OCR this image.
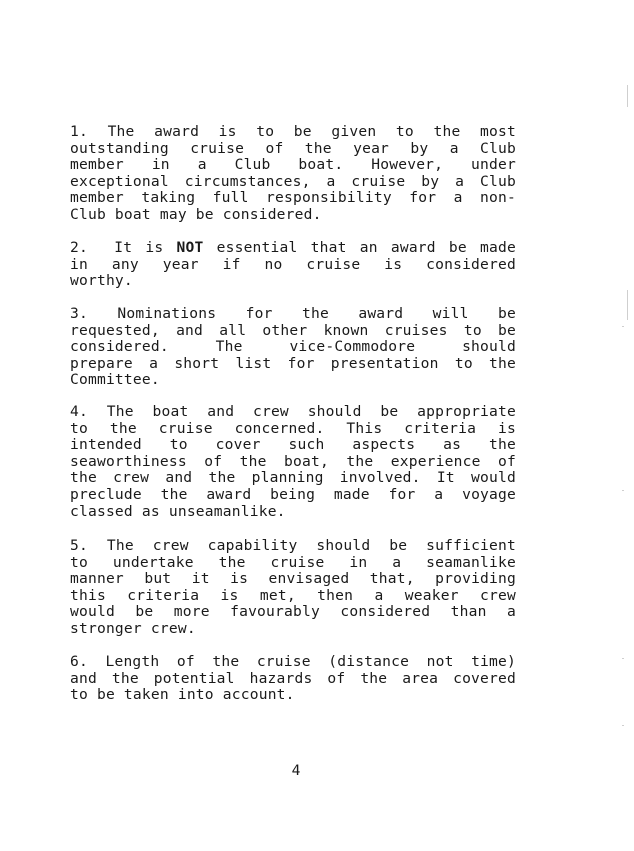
1. The award is to be given to the most
outstanding cruise of the year by a Club
member in a Club boat. However, under
exceptional circumstances, a cruise by a Club
member taking full responsibility for a non-
Club boat may be considered.
2.  It is NOT essential that an award be made
in any year if no cruise is considered
worthy.
3. Nominations for the award will be
requested, and all other known cruises to be
considered. The vice-Commodore should
prepare a short list for presentation to the
Committee.
4. The boat and crew should be appropriate
to the cruise concerned. This criteria is
intended to cover such aspects as the
seaworthiness of the boat, the experience of
the crew and the planning involved. It would
preclude the award being made for a voyage
classed as unseamanlike.
5. The crew capability should be sufficient
to undertake the cruise in a seamanlike
manner but it is envisaged that, providing
this criteria is met, then a weaker crew
would be more favourably considered than a
stronger crew.
6. Length of the cruise (distance not time)
and the potential hazards of the area covered
to be taken into account.
4
